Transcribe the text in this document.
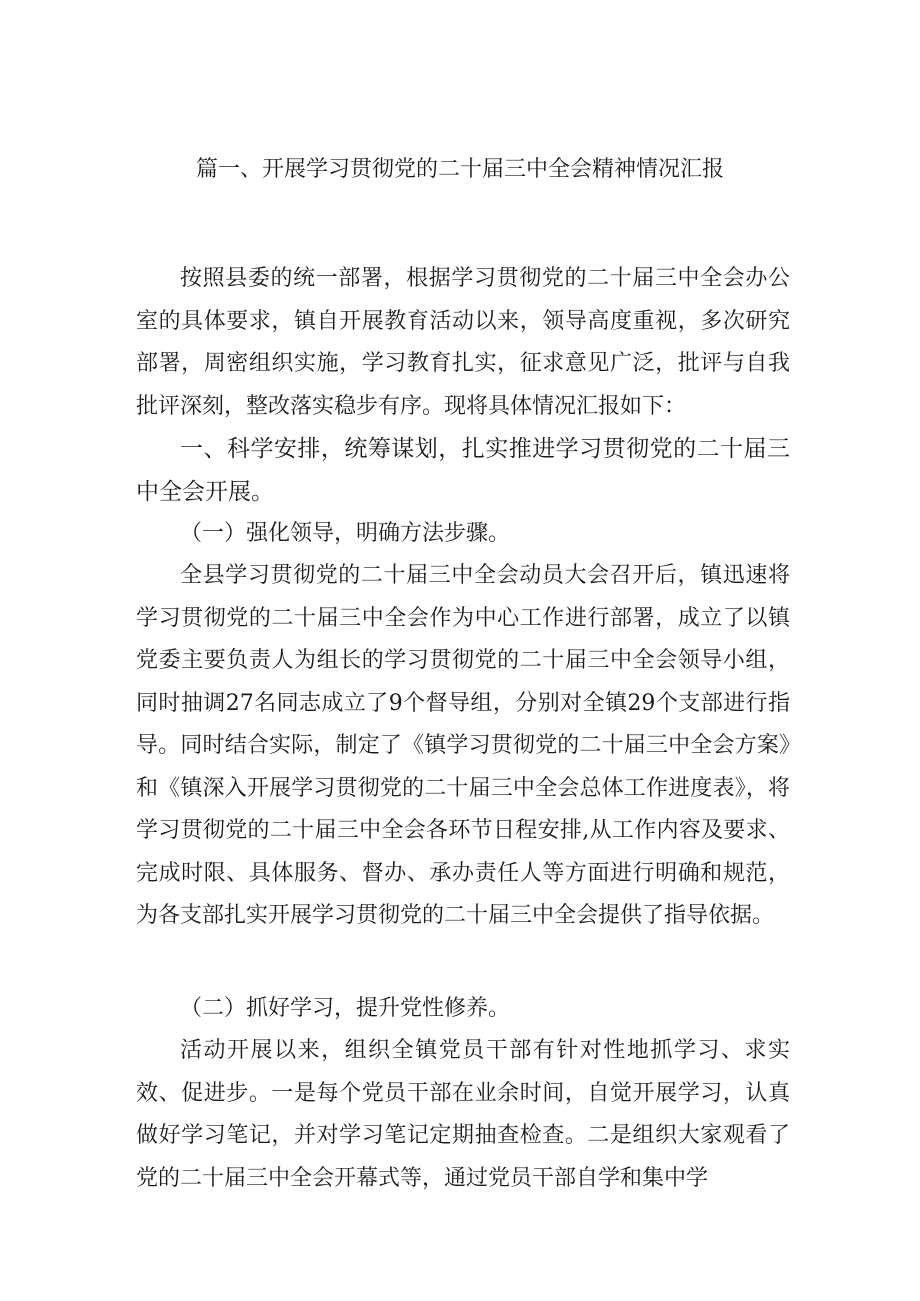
篇一、开展学习贯彻党的二十届三中全会精神情况汇报

按照县委的统一部署，根据学习贯彻党的二十届三中全会办公室的具体要求，镇自开展教育活动以来，领导高度重视，多次研究部署，周密组织实施，学习教育扎实，征求意见广泛，批评与自我批评深刻，整改落实稳步有序。现将具体情况汇报如下：

一、科学安排，统筹谋划，扎实推进学习贯彻党的二十届三中全会开展。

（一）强化领导，明确方法步骤。

全县学习贯彻党的二十届三中全会动员大会召开后，镇迅速将学习贯彻党的二十届三中全会作为中心工作进行部署，成立了以镇党委主要负责人为组长的学习贯彻党的二十届三中全会领导小组，同时抽调27名同志成立了9个督导组，分别对全镇29个支部进行指导。同时结合实际，制定了《镇学习贯彻党的二十届三中全会方案》和《镇深入开展学习贯彻党的二十届三中全会总体工作进度表》，将学习贯彻党的二十届三中全会各环节日程安排,从工作内容及要求、完成时限、具体服务、督办、承办责任人等方面进行明确和规范，为各支部扎实开展学习贯彻党的二十届三中全会提供了指导依据。

（二）抓好学习，提升党性修养。

活动开展以来，组织全镇党员干部有针对性地抓学习、求实效、促进步。一是每个党员干部在业余时间，自觉开展学习，认真做好学习笔记，并对学习笔记定期抽查检查。二是组织大家观看了党的二十届三中全会开幕式等，通过党员干部自学和集中学
